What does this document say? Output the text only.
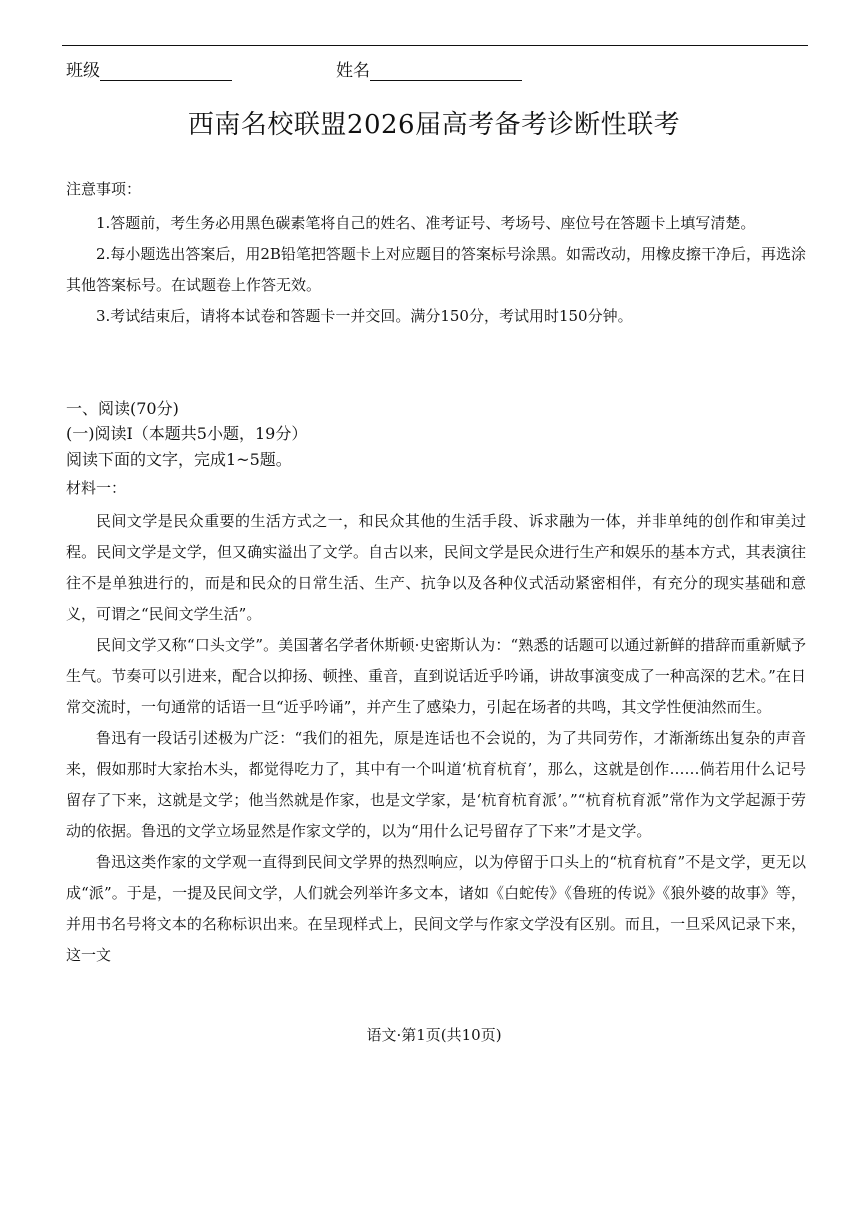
班级	姓名
西南名校联盟2026届高考备考诊断性联考
注意事项：

1.答题前，考生务必用黑色碳素笔将自己的姓名、准考证号、考场号、座位号在答题卡上填写清楚。

2.每小题选出答案后，用2B铅笔把答题卡上对应题目的答案标号涂黑。如需改动，用橡皮擦干净后，再选涂其他答案标号。在试题卷上作答无效。

3.考试结束后，请将本试卷和答题卡一并交回。满分150分，考试用时150分钟。

一、阅读(70分)
(一)阅读Ⅰ（本题共5小题，19分）
阅读下面的文字，完成1~5题。
材料一：

民间文学是民众重要的生活方式之一，和民众其他的生活手段、诉求融为一体，并非单纯的创作和审美过程。民间文学是文学，但又确实溢出了文学。自古以来，民间文学是民众进行生产和娱乐的基本方式，其表演往往不是单独进行的，而是和民众的日常生活、生产、抗争以及各种仪式活动紧密相伴，有充分的现实基础和意义，可谓之“民间文学生活”。

民间文学又称“口头文学”。美国著名学者休斯顿·史密斯认为：“熟悉的话题可以通过新鲜的措辞而重新赋予生气。节奏可以引进来，配合以抑扬、顿挫、重音，直到说话近乎吟诵，讲故事演变成了一种高深的艺术。”在日常交流时，一句通常的话语一旦“近乎吟诵”，并产生了感染力，引起在场者的共鸣，其文学性便油然而生。

鲁迅有一段话引述极为广泛：“我们的祖先，原是连话也不会说的，为了共同劳作，才渐渐练出复杂的声音来，假如那时大家抬木头，都觉得吃力了，其中有一个叫道‘杭育杭育’，那么，这就是创作……倘若用什么记号留存了下来，这就是文学；他当然就是作家，也是文学家，是‘杭育杭育派’。”“杭育杭育派”常作为文学起源于劳动的依据。鲁迅的文学立场显然是作家文学的，以为“用什么记号留存了下来”才是文学。

鲁迅这类作家的文学观一直得到民间文学界的热烈响应，以为停留于口头上的“杭育杭育”不是文学，更无以成“派”。于是，一提及民间文学，人们就会列举许多文本，诸如《白蛇传》《鲁班的传说》《狼外婆的故事》等，并用书名号将文本的名称标识出来。在呈现样式上，民间文学与作家文学没有区别。而且，一旦采风记录下来，这一文

语文·第1页(共10页)
